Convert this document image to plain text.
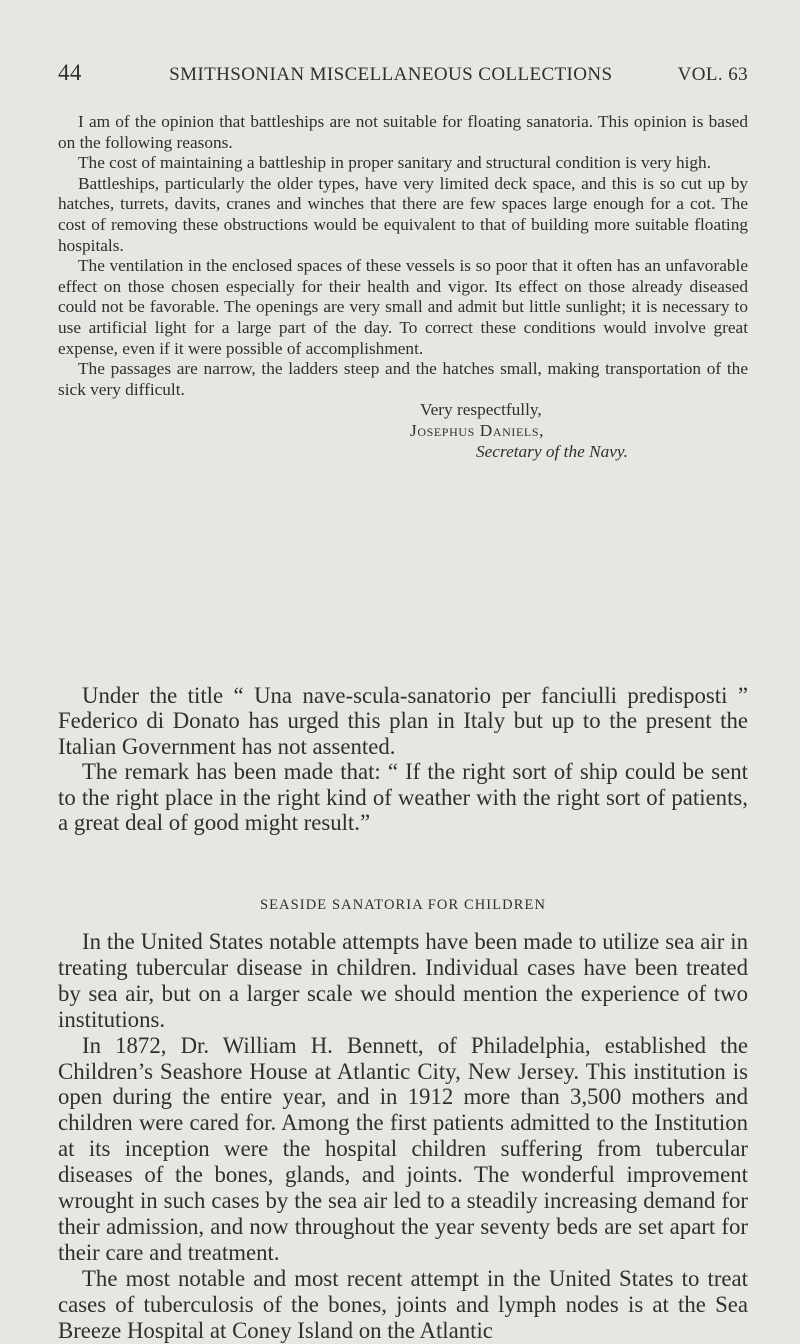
44	SMITHSONIAN MISCELLANEOUS COLLECTIONS	VOL. 63

I am of the opinion that battleships are not suitable for floating sanatoria. This opinion is based on the following reasons.

The cost of maintaining a battleship in proper sanitary and structural condition is very high.

Battleships, particularly the older types, have very limited deck space, and this is so cut up by hatches, turrets, davits, cranes and winches that there are few spaces large enough for a cot. The cost of removing these obstructions would be equivalent to that of building more suitable floating hospitals.

The ventilation in the enclosed spaces of these vessels is so poor that it often has an unfavorable effect on those chosen especially for their health and vigor. Its effect on those already diseased could not be favorable. The openings are very small and admit but little sunlight; it is necessary to use artificial light for a large part of the day. To correct these conditions would involve great expense, even if it were possible of accomplishment.

The passages are narrow, the ladders steep and the hatches small, making transportation of the sick very difficult.

Very respectfully,
Josephus Daniels,
Secretary of the Navy.

Under the title “ Una nave-scula-sanatorio per fanciulli predisposti ” Federico di Donato has urged this plan in Italy but up to the present the Italian Government has not assented.

The remark has been made that: “ If the right sort of ship could be sent to the right place in the right kind of weather with the right sort of patients, a great deal of good might result.”

SEASIDE SANATORIA FOR CHILDREN

In the United States notable attempts have been made to utilize sea air in treating tubercular disease in children. Individual cases have been treated by sea air, but on a larger scale we should mention the experience of two institutions.

In 1872, Dr. William H. Bennett, of Philadelphia, established the Children’s Seashore House at Atlantic City, New Jersey. This institution is open during the entire year, and in 1912 more than 3,500 mothers and children were cared for. Among the first patients admitted to the Institution at its inception were the hospital children suffering from tubercular diseases of the bones, glands, and joints. The wonderful improvement wrought in such cases by the sea air led to a steadily increasing demand for their admission, and now throughout the year seventy beds are set apart for their care and treatment.

The most notable and most recent attempt in the United States to treat cases of tuberculosis of the bones, joints and lymph nodes is at the Sea Breeze Hospital at Coney Island on the Atlantic
